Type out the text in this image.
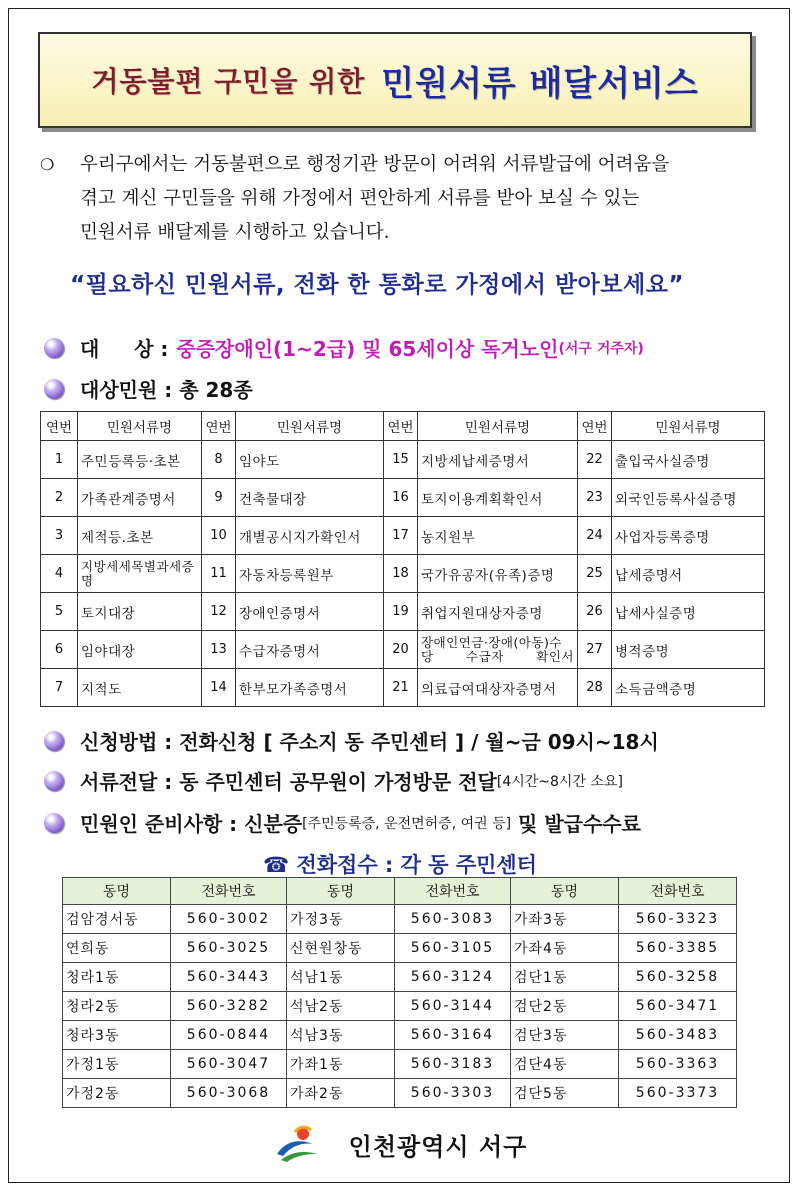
거동불편 구민을 위한 민원서류 배달서비스
❍ 우리구에서는 거동불편으로 행정기관 방문이 어려워 서류발급에 어려움을

겪고 계신 구민들을 위해 가정에서 편안하게 서류를 받아 보실 수 있는

민원서류 배달제를 시행하고 있습니다.

“필요하신 민원서류, 전화 한 통화로 가정에서 받아보세요”
대     상 : 중증장애인(1~2급) 및 65세이상 독거노인 (서구 거주자)
대상민원 : 총 28종
연번	민원서류명	연번	민원서류명	연번	민원서류명	연번	민원서류명
1	주민등록등·초본	8	임야도	15	지방세납세증명서	22	출입국사실증명
2	가족관계증명서	9	건축물대장	16	토지이용계획확인서	23	외국인등록사실증명
3	제적등.초본	10	개별공시지가확인서	17	농지원부	24	사업자등록증명
4	지방세세목별과세증명	11	자동차등록원부	18	국가유공자(유족)증명	25	납세증명서
5	토지대장	12	장애인증명서	19	취업지원대상자증명	26	납세사실증명
6	임야대장	13	수급자증명서	20	장애인연금·장애(아동)수당 수급자 확인서	27	병적증명
7	지적도	14	한부모가족증명서	21	의료급여대상자증명서	28	소득금액증명
신청방법 : 전화신청 [ 주소지 동 주민센터 ] / 월~금 09시~18시
서류전달 : 동 주민센터 공무원이 가정방문 전달 [4시간~8시간 소요]
민원인 준비사항 : 신분증 [주민등록증, 운전면허증, 여권 등] 및 발급수수료
☎ 전화접수 : 각 동 주민센터
동명	전화번호	동명	전화번호	동명	전화번호
검암경서동	560-3002	가정3동	560-3083	가좌3동	560-3323
연희동	560-3025	신현원창동	560-3105	가좌4동	560-3385
청라1동	560-3443	석남1동	560-3124	검단1동	560-3258
청라2동	560-3282	석남2동	560-3144	검단2동	560-3471
청라3동	560-0844	석남3동	560-3164	검단3동	560-3483
가정1동	560-3047	가좌1동	560-3183	검단4동	560-3363
가정2동	560-3068	가좌2동	560-3303	검단5동	560-3373
인천광역시 서구
